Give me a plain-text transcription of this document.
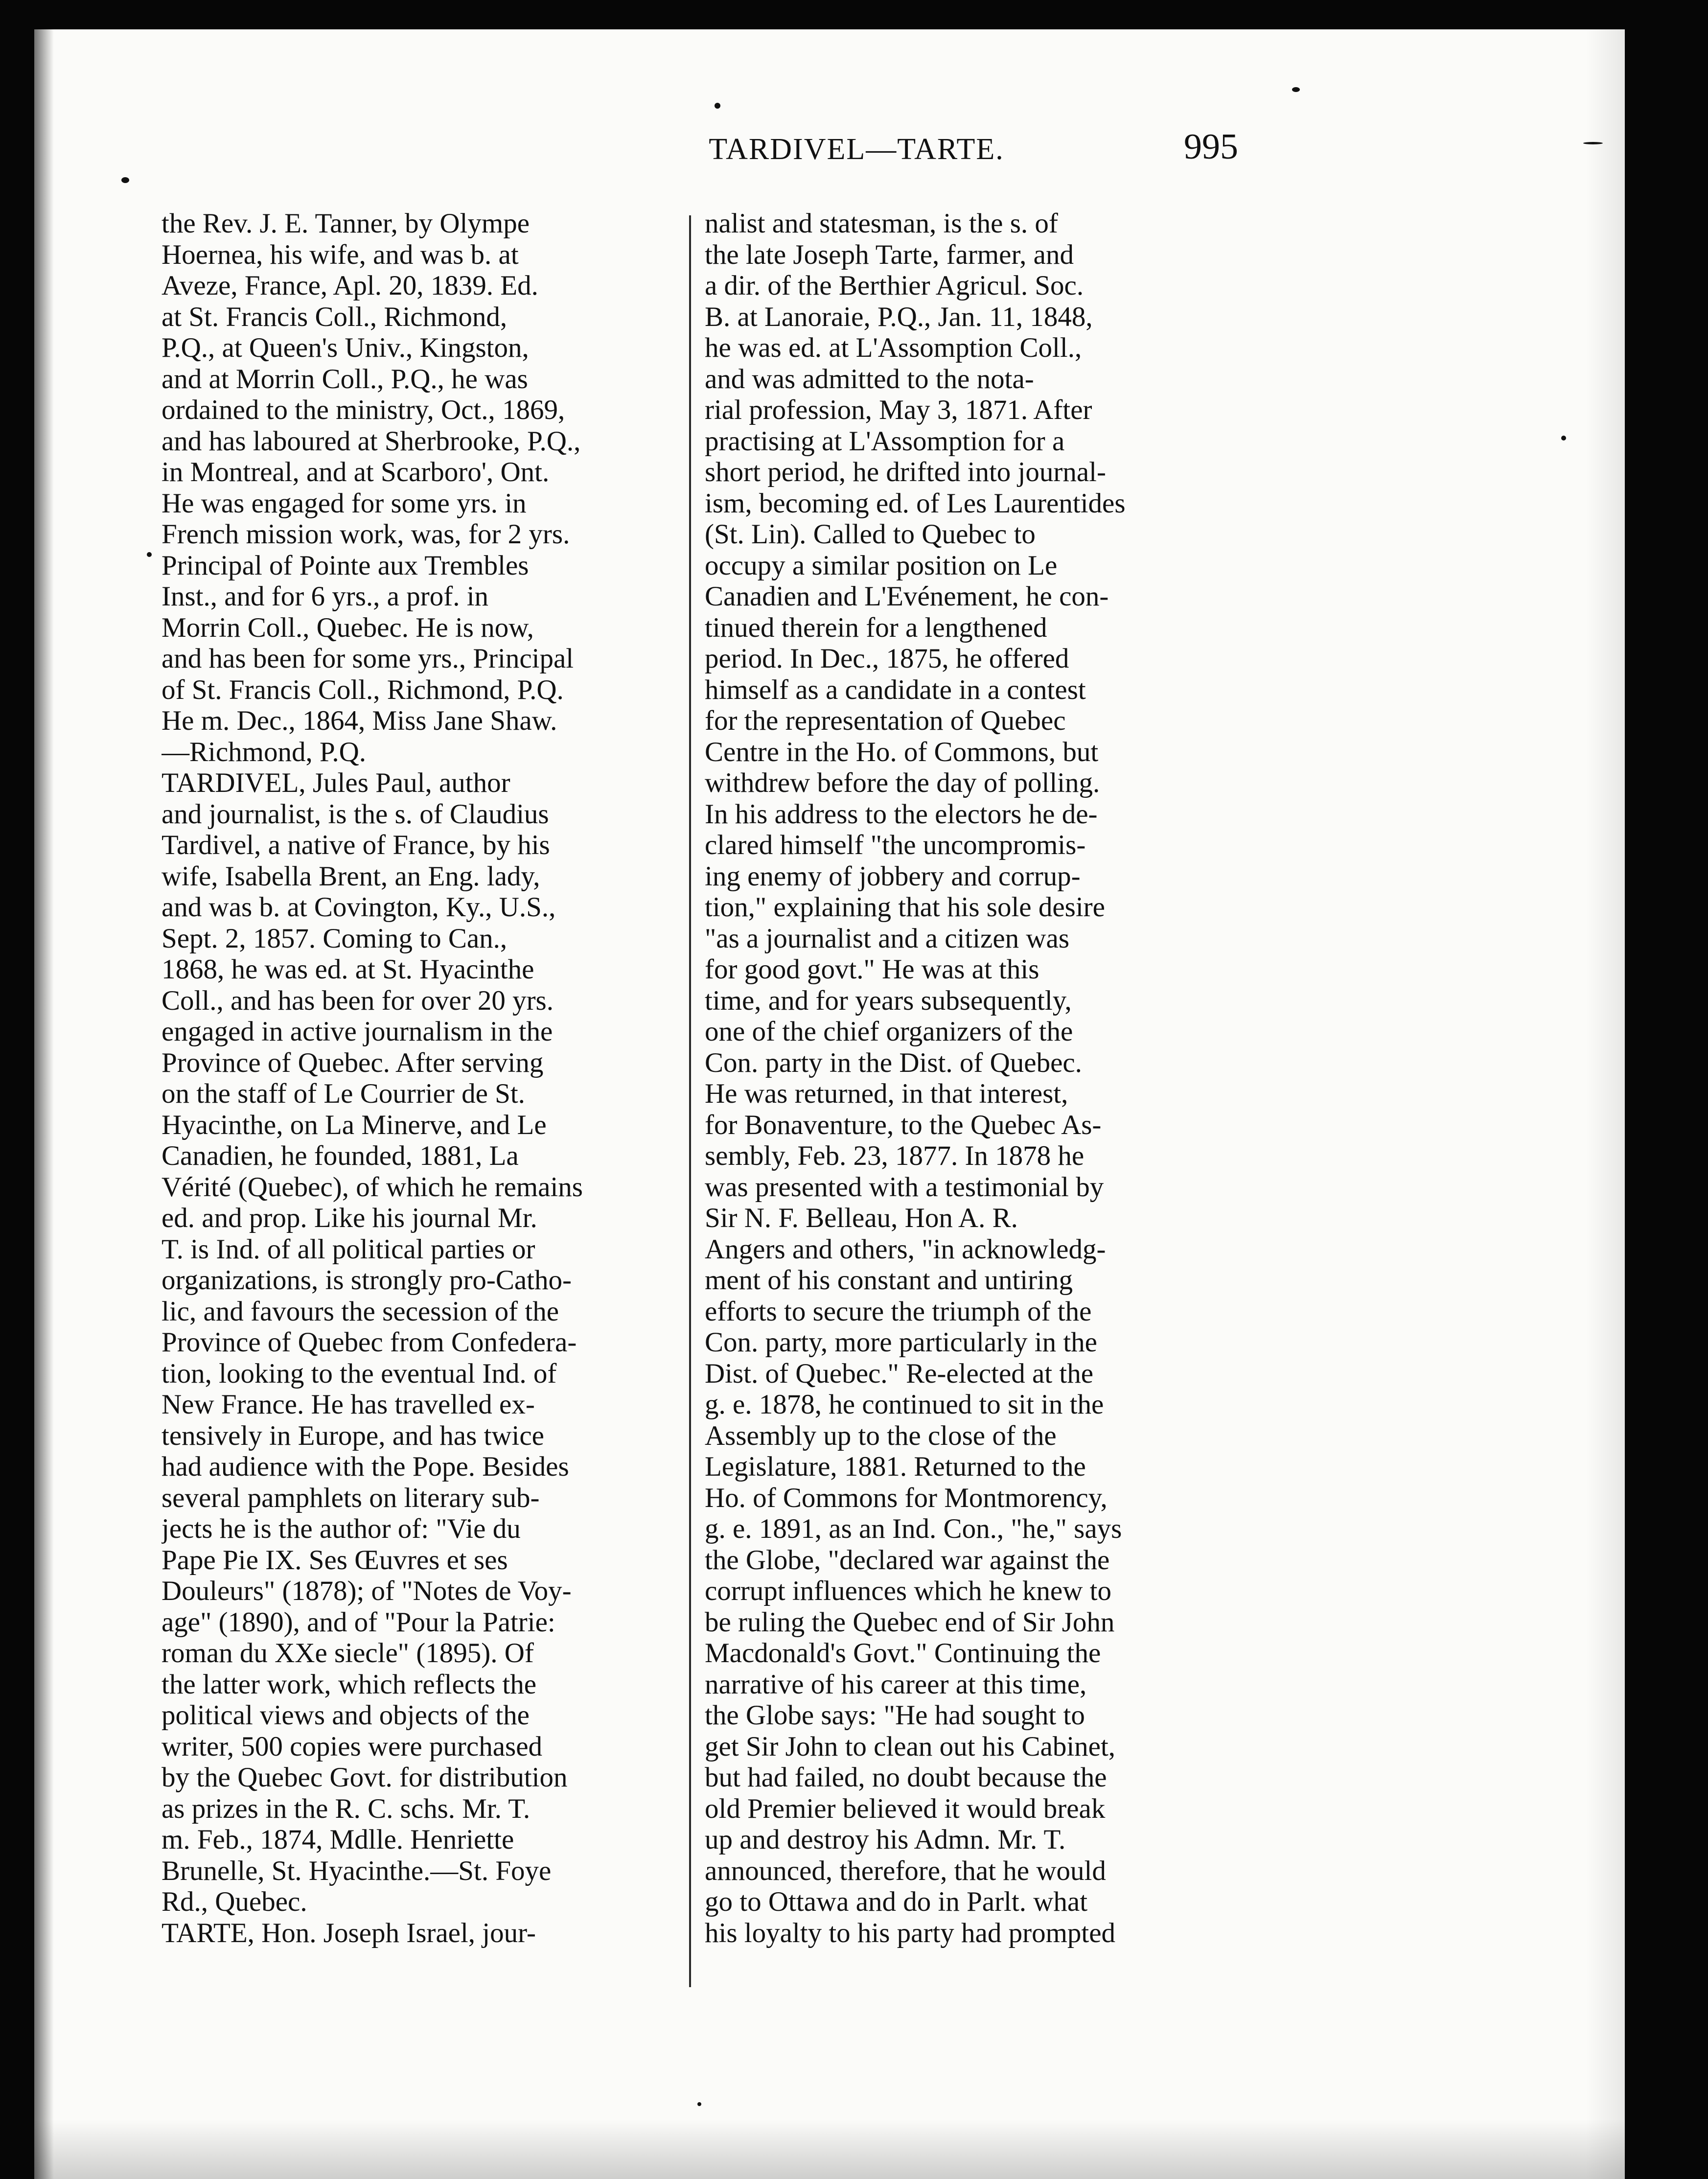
TARDIVEL—TARTE.	995
the Rev. J. E. Tanner, by Olympe
Hoernea, his wife, and was b. at
Aveze, France, Apl. 20, 1839. Ed.
at St. Francis Coll., Richmond,
P.Q., at Queen's Univ., Kingston,
and at Morrin Coll., P.Q., he was
ordained to the ministry, Oct., 1869,
and has laboured at Sherbrooke, P.Q.,
in Montreal, and at Scarboro', Ont.
He was engaged for some yrs. in
French mission work, was, for 2 yrs.
Principal of Pointe aux Trembles
Inst., and for 6 yrs., a prof. in
Morrin Coll., Quebec. He is now,
and has been for some yrs., Principal
of St. Francis Coll., Richmond, P.Q.
He m. Dec., 1864, Miss Jane Shaw.
—Richmond, P.Q.
TARDIVEL, Jules Paul, author
and journalist, is the s. of Claudius
Tardivel, a native of France, by his
wife, Isabella Brent, an Eng. lady,
and was b. at Covington, Ky., U.S.,
Sept. 2, 1857. Coming to Can.,
1868, he was ed. at St. Hyacinthe
Coll., and has been for over 20 yrs.
engaged in active journalism in the
Province of Quebec. After serving
on the staff of Le Courrier de St.
Hyacinthe, on La Minerve, and Le
Canadien, he founded, 1881, La
Vérité (Quebec), of which he remains
ed. and prop. Like his journal Mr.
T. is Ind. of all political parties or
organizations, is strongly pro-Catho-
lic, and favours the secession of the
Province of Quebec from Confedera-
tion, looking to the eventual Ind. of
New France. He has travelled ex-
tensively in Europe, and has twice
had audience with the Pope. Besides
several pamphlets on literary sub-
jects he is the author of: "Vie du
Pape Pie IX. Ses Œuvres et ses
Douleurs" (1878); of "Notes de Voy-
age" (1890), and of "Pour la Patrie:
roman du XXe siecle" (1895). Of
the latter work, which reflects the
political views and objects of the
writer, 500 copies were purchased
by the Quebec Govt. for distribution
as prizes in the R. C. schs. Mr. T.
m. Feb., 1874, Mdlle. Henriette
Brunelle, St. Hyacinthe.—St. Foye
Rd., Quebec.
TARTE, Hon. Joseph Israel, jour-
nalist and statesman, is the s. of
the late Joseph Tarte, farmer, and
a dir. of the Berthier Agricul. Soc.
B. at Lanoraie, P.Q., Jan. 11, 1848,
he was ed. at L'Assomption Coll.,
and was admitted to the nota-
rial profession, May 3, 1871. After
practising at L'Assomption for a
short period, he drifted into journal-
ism, becoming ed. of Les Laurentides
(St. Lin). Called to Quebec to
occupy a similar position on Le
Canadien and L'Evénement, he con-
tinued therein for a lengthened
period. In Dec., 1875, he offered
himself as a candidate in a contest
for the representation of Quebec
Centre in the Ho. of Commons, but
withdrew before the day of polling.
In his address to the electors he de-
clared himself "the uncompromis-
ing enemy of jobbery and corrup-
tion," explaining that his sole desire
"as a journalist and a citizen was
for good govt." He was at this
time, and for years subsequently,
one of the chief organizers of the
Con. party in the Dist. of Quebec.
He was returned, in that interest,
for Bonaventure, to the Quebec As-
sembly, Feb. 23, 1877. In 1878 he
was presented with a testimonial by
Sir N. F. Belleau, Hon A. R.
Angers and others, "in acknowledg-
ment of his constant and untiring
efforts to secure the triumph of the
Con. party, more particularly in the
Dist. of Quebec." Re-elected at the
g. e. 1878, he continued to sit in the
Assembly up to the close of the
Legislature, 1881. Returned to the
Ho. of Commons for Montmorency,
g. e. 1891, as an Ind. Con., "he," says
the Globe, "declared war against the
corrupt influences which he knew to
be ruling the Quebec end of Sir John
Macdonald's Govt." Continuing the
narrative of his career at this time,
the Globe says: "He had sought to
get Sir John to clean out his Cabinet,
but had failed, no doubt because the
old Premier believed it would break
up and destroy his Admn. Mr. T.
announced, therefore, that he would
go to Ottawa and do in Parlt. what
his loyalty to his party had prompted
